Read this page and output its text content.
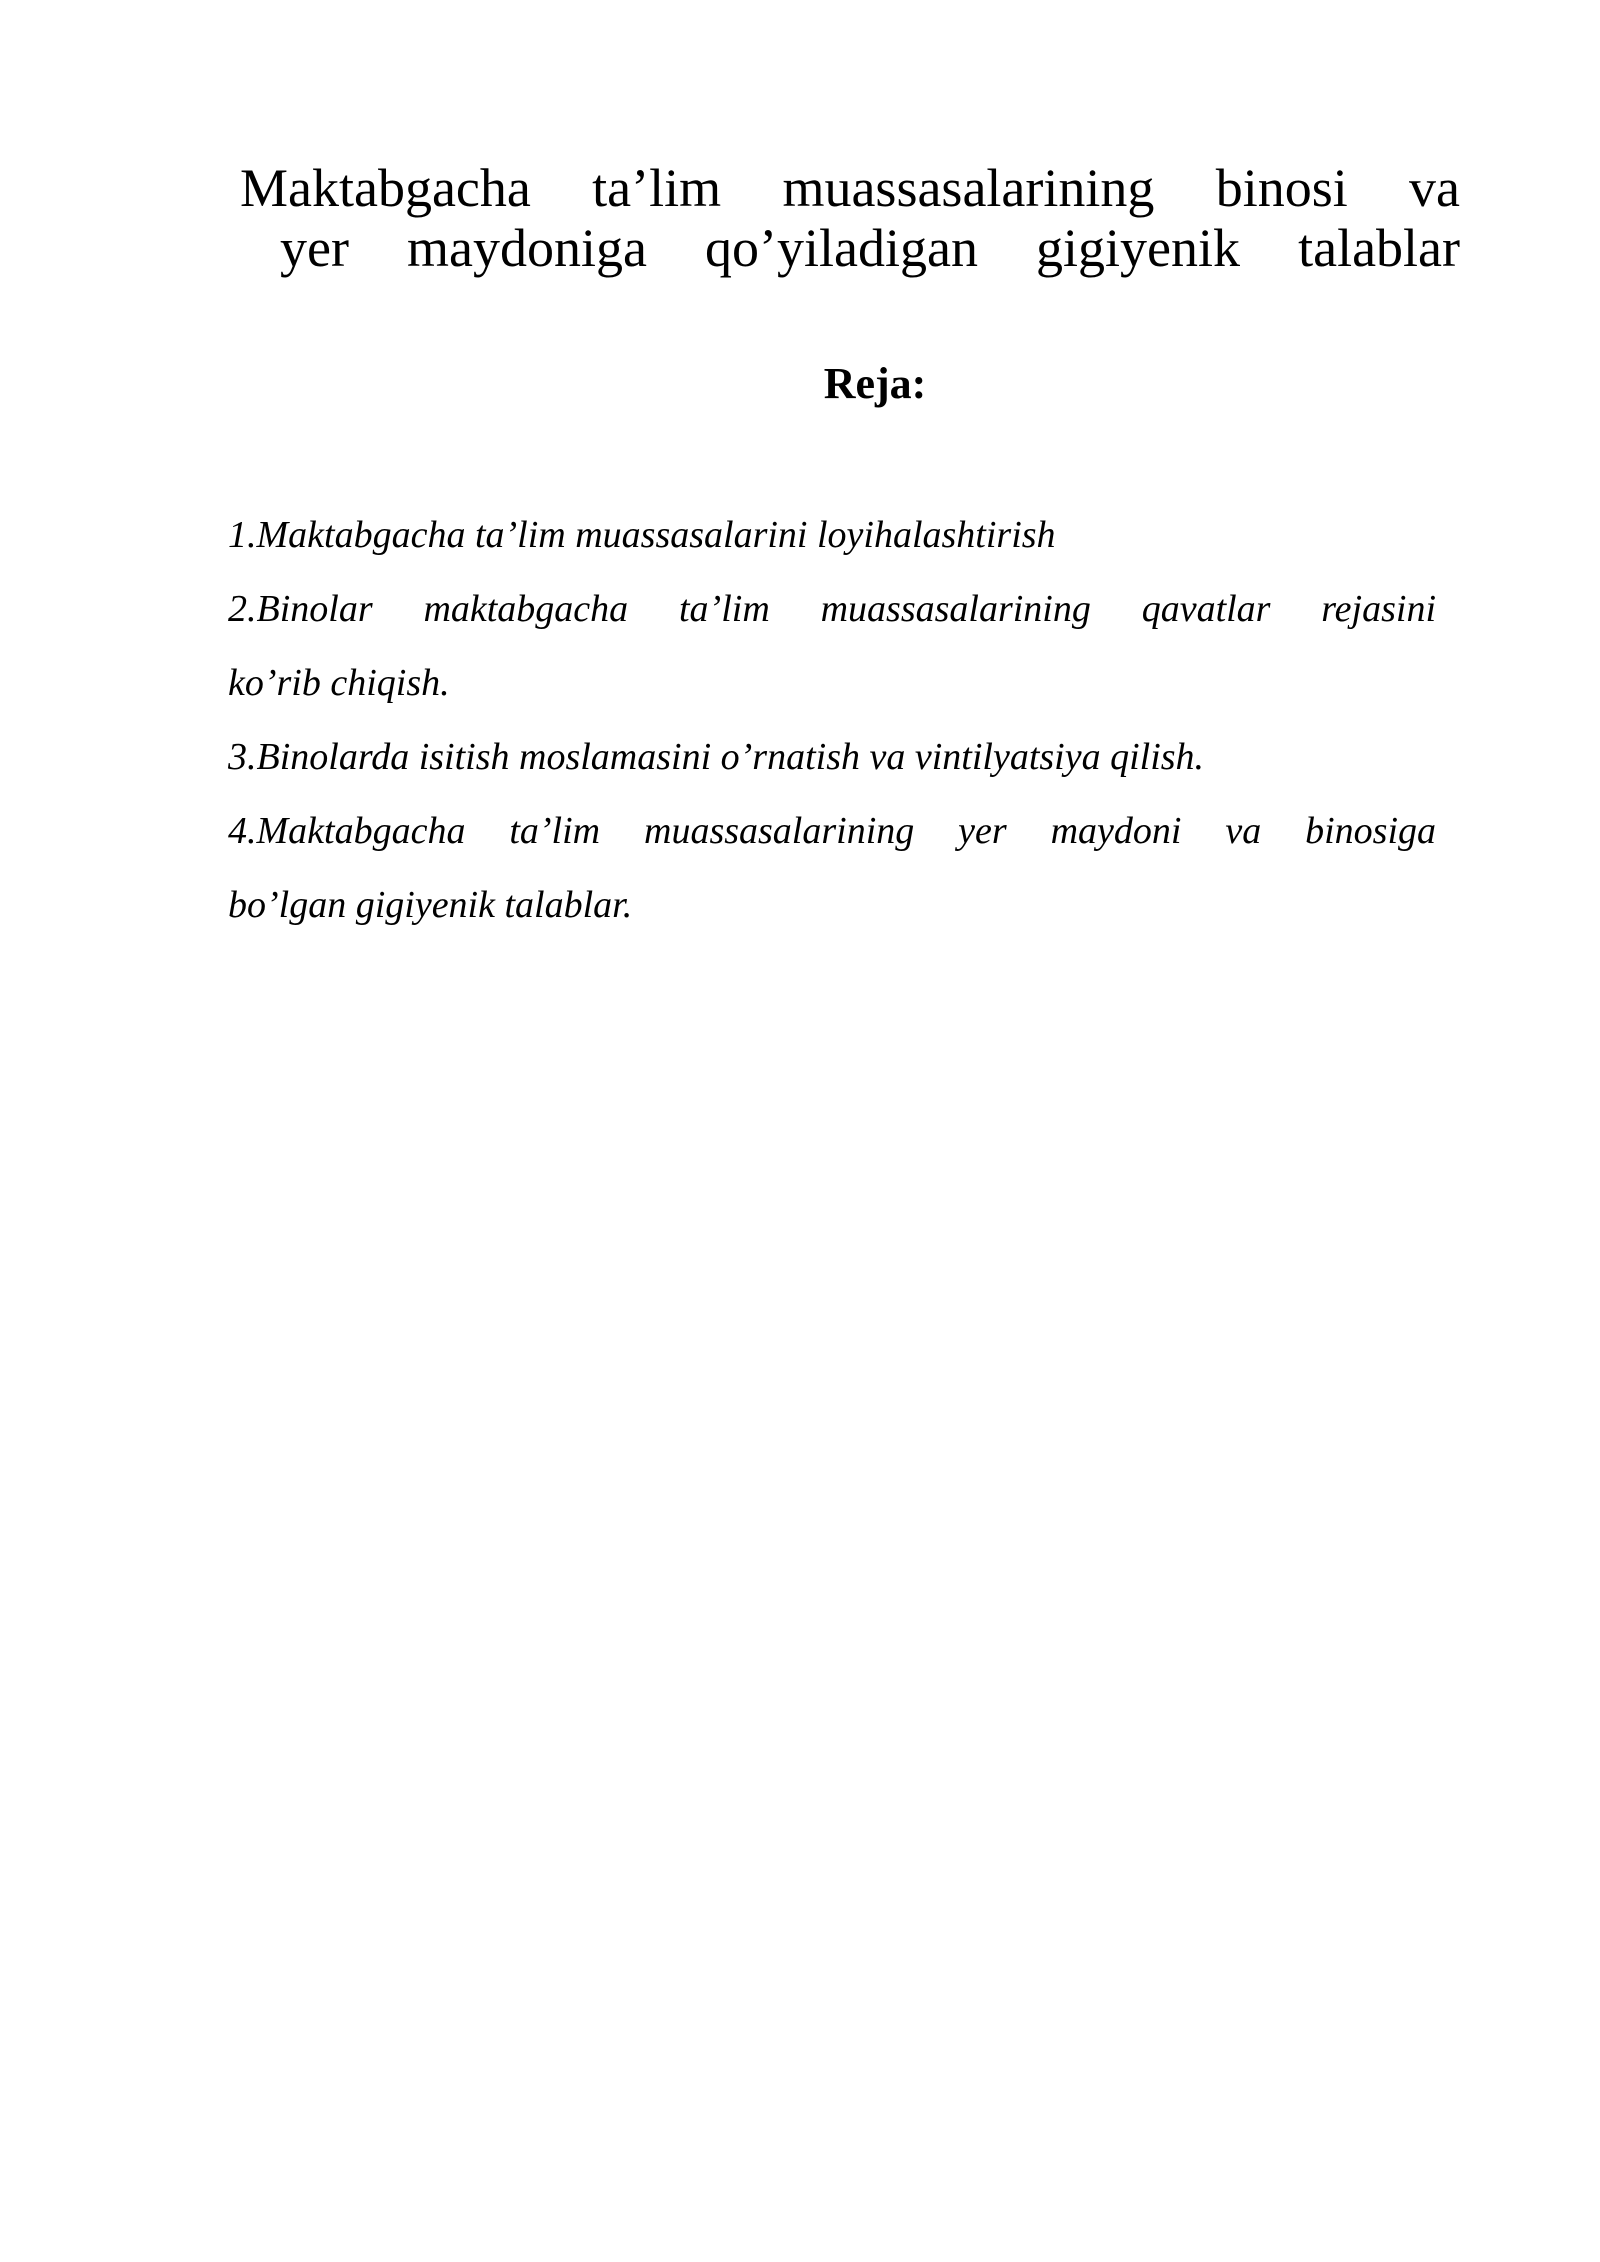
Maktabgacha ta’lim muassasalarining binosi va
yer maydoniga qo’yiladigan gigiyenik talablar
Reja:
1.Maktabgacha ta’lim muassasalarini loyihalashtirish
2.Binolar maktabgacha ta’lim muassasalarining qavatlar rejasini
ko’rib chiqish.
3.Binolarda isitish moslamasini o’rnatish va vintilyatsiya qilish.
4.Maktabgacha ta’lim muassasalarining yer maydoni va binosiga
bo’lgan gigiyenik talablar.
